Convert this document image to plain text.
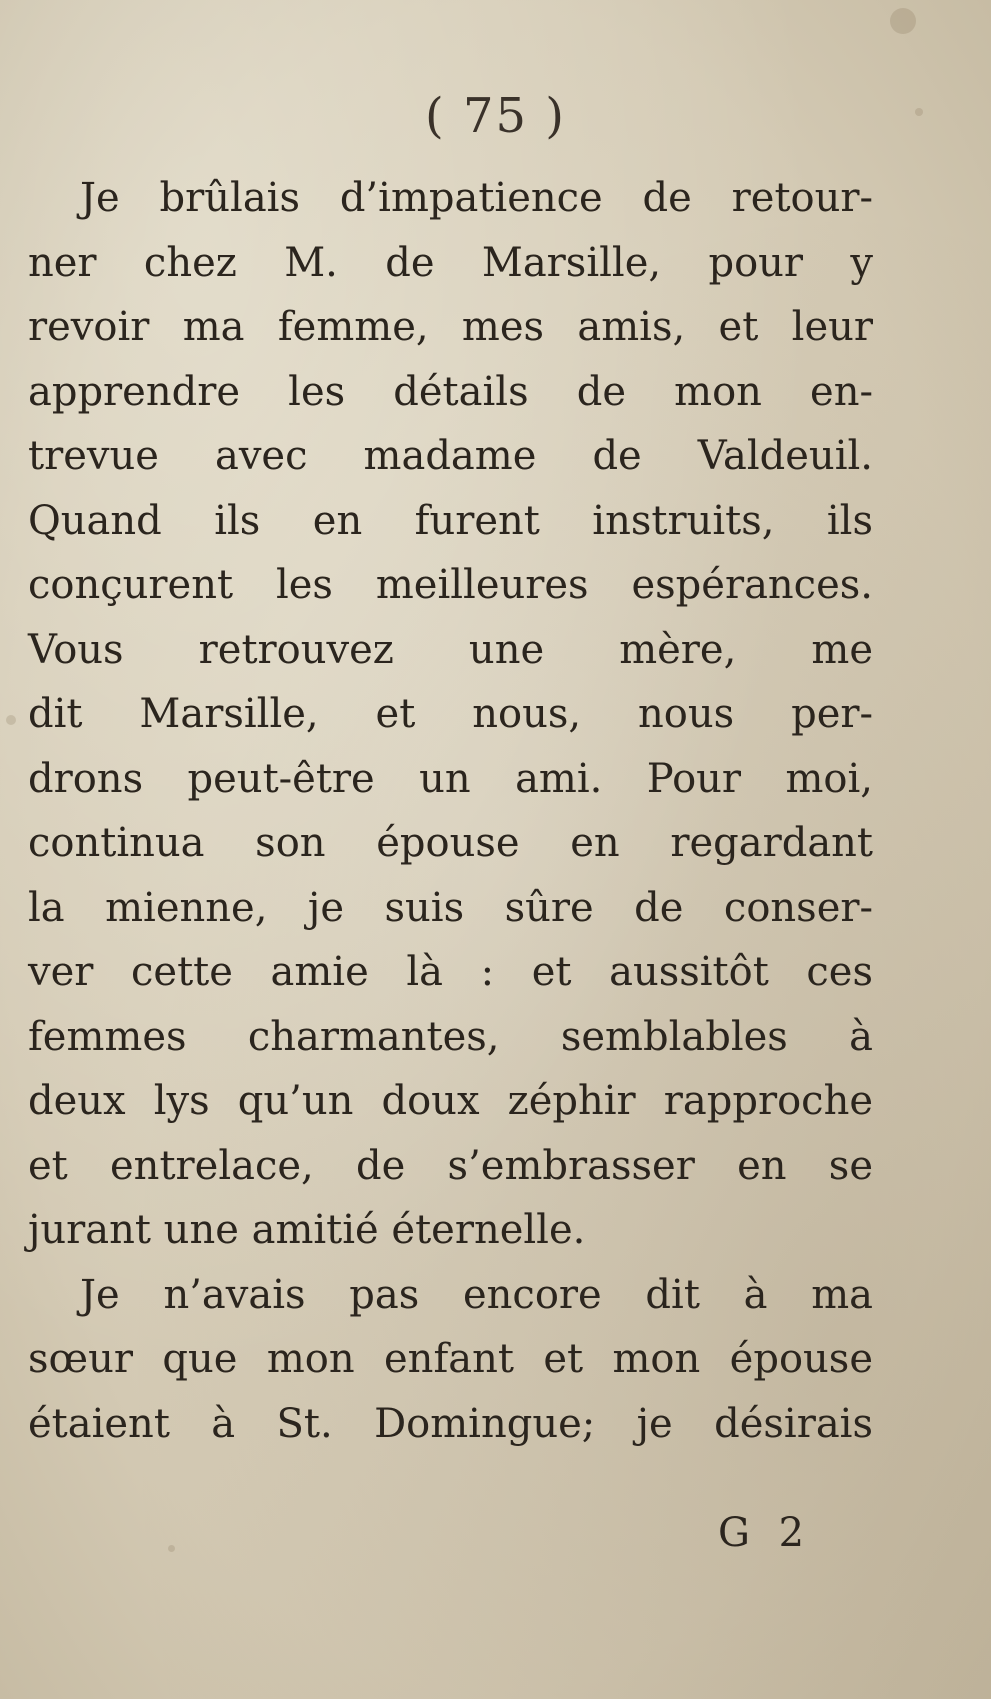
( 75 )
Je brûlais d’impatience de retour-
ner chez M. de Marsille, pour y
revoir ma femme, mes amis, et leur
apprendre les détails de mon en-
trevue avec madame de Valdeuil.
Quand ils en furent instruits, ils
conçurent les meilleures espérances.
Vous retrouvez une mère, me
dit Marsille, et nous, nous per-
drons peut-être un ami. Pour moi,
continua son épouse en regardant
la mienne, je suis sûre de conser-
ver cette amie là : et aussitôt ces
femmes charmantes, semblables à
deux lys qu’un doux zéphir rapproche
et entrelace, de s’embrasser en se
jurant une amitié éternelle.
Je n’avais pas encore dit à ma
sœur que mon enfant et mon épouse
étaient à St. Domingue; je désirais
G 2
